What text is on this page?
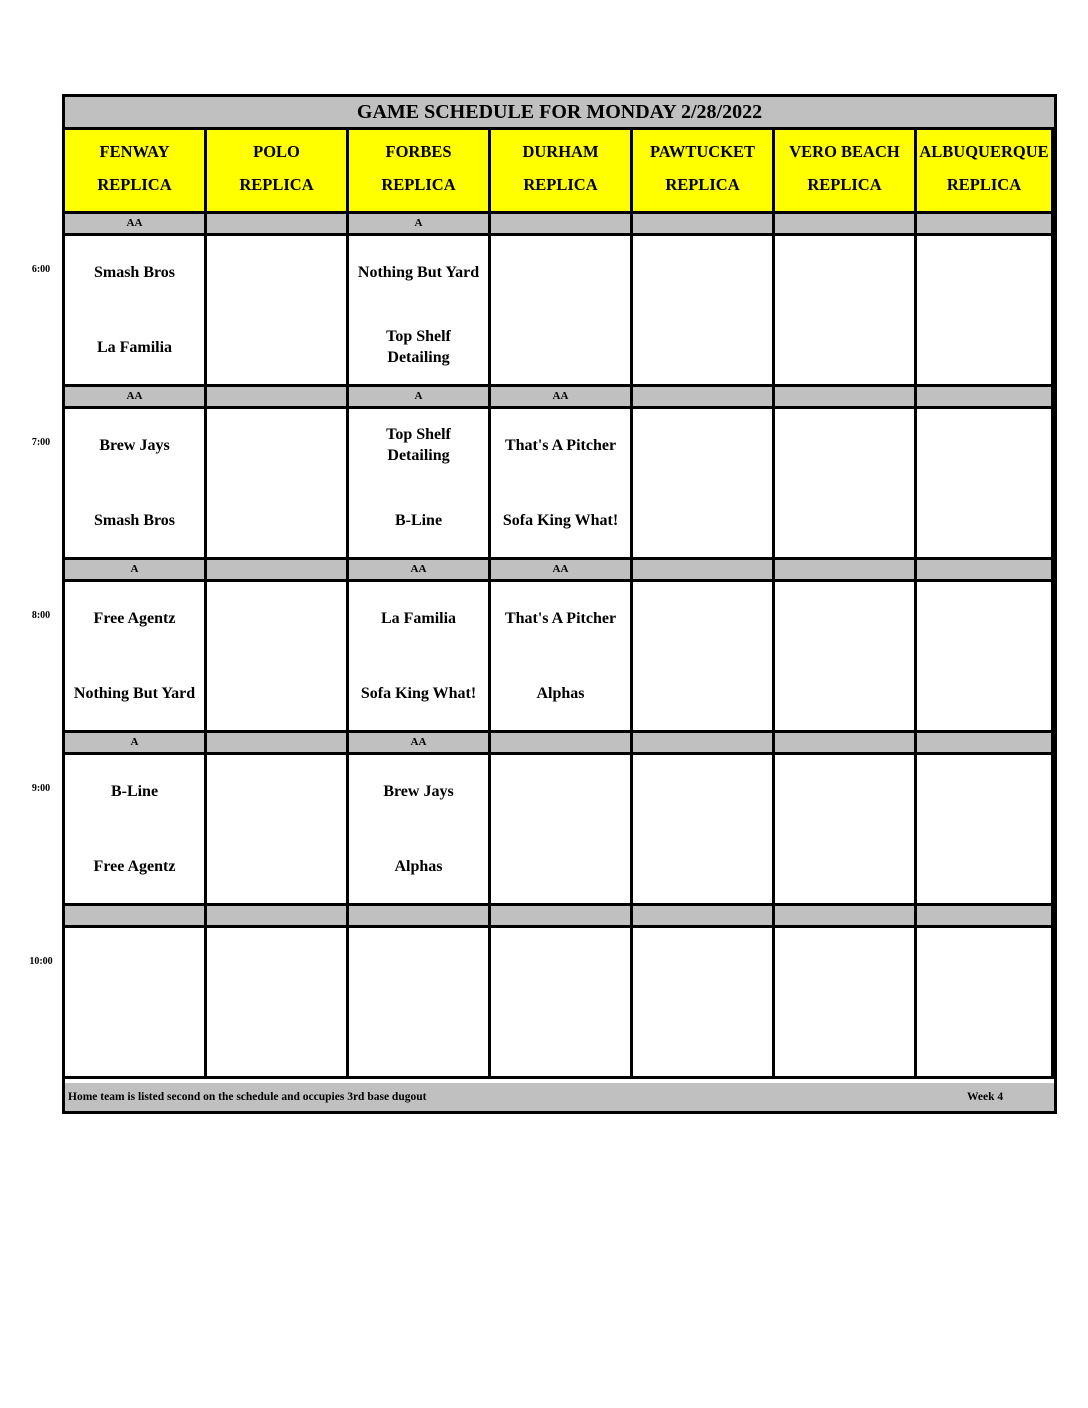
GAME SCHEDULE FOR MONDAY 2/28/2022
FENWAY
REPLICA
POLO
REPLICA
FORBES
REPLICA
DURHAM
REPLICA
PAWTUCKET
REPLICA
VERO BEACH
REPLICA
ALBUQUERQUE
REPLICA
AA
Smash Bros
La Familia
A
Nothing But Yard
Top Shelf
Detailing
AA
Brew Jays
Smash Bros
A
Top Shelf
Detailing
B-Line
AA
That's A Pitcher
Sofa King What!
A
Free Agentz
Nothing But Yard
AA
La Familia
Sofa King What!
AA
That's A Pitcher
Alphas
A
B-Line
Free Agentz
AA
Brew Jays
Alphas
Home team is listed second on the schedule and occupies 3rd base dugout	Week 4
6:00
7:00
8:00
9:00
10:00
